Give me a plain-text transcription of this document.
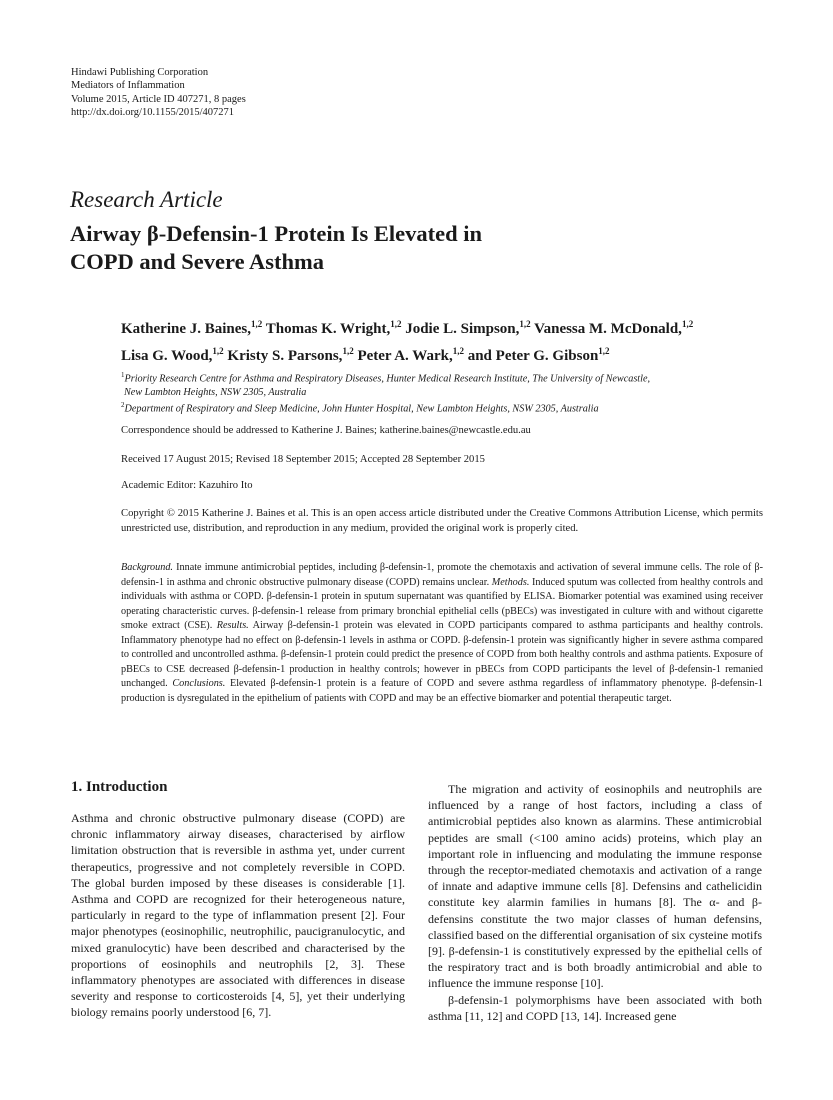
Hindawi Publishing Corporation
Mediators of Inflammation
Volume 2015, Article ID 407271, 8 pages
http://dx.doi.org/10.1155/2015/407271
Research Article
Airway β-Defensin-1 Protein Is Elevated in
COPD and Severe Asthma
Katherine J. Baines,$^{1,2}$ Thomas K. Wright,$^{1,2}$ Jodie L. Simpson,$^{1,2}$ Vanessa M. McDonald,$^{1,2}$
Lisa G. Wood,$^{1,2}$ Kristy S. Parsons,$^{1,2}$ Peter A. Wark,$^{1,2}$ and Peter G. Gibson$^{1,2}$
$^1$Priority Research Centre for Asthma and Respiratory Diseases, Hunter Medical Research Institute, The University of Newcastle,
New Lambton Heights, NSW 2305, Australia
$^2$Department of Respiratory and Sleep Medicine, John Hunter Hospital, New Lambton Heights, NSW 2305, Australia
Correspondence should be addressed to Katherine J. Baines; katherine.baines@newcastle.edu.au
Received 17 August 2015; Revised 18 September 2015; Accepted 28 September 2015
Academic Editor: Kazuhiro Ito
Copyright © 2015 Katherine J. Baines et al. This is an open access article distributed under the Creative Commons Attribution License, which permits unrestricted use, distribution, and reproduction in any medium, provided the original work is properly cited.
Background. Innate immune antimicrobial peptides, including β-defensin-1, promote the chemotaxis and activation of several immune cells. The role of β-defensin-1 in asthma and chronic obstructive pulmonary disease (COPD) remains unclear. Methods. Induced sputum was collected from healthy controls and individuals with asthma or COPD. β-defensin-1 protein in sputum supernatant was quantified by ELISA. Biomarker potential was examined using receiver operating characteristic curves. β-defensin-1 release from primary bronchial epithelial cells (pBECs) was investigated in culture with and without cigarette smoke extract (CSE). Results. Airway β-defensin-1 protein was elevated in COPD participants compared to asthma participants and healthy controls. Inflammatory phenotype had no effect on β-defensin-1 levels in asthma or COPD. β-defensin-1 protein was significantly higher in severe asthma compared to controlled and uncontrolled asthma. β-defensin-1 protein could predict the presence of COPD from both healthy controls and asthma patients. Exposure of pBECs to CSE decreased β-defensin-1 production in healthy controls; however in pBECs from COPD participants the level of β-defensin-1 remanied unchanged. Conclusions. Elevated β-defensin-1 protein is a feature of COPD and severe asthma regardless of inflammatory phenotype. β-defensin-1 production is dysregulated in the epithelium of patients with COPD and may be an effective biomarker and potential therapeutic target.
1. Introduction

Asthma and chronic obstructive pulmonary disease (COPD) are chronic inflammatory airway diseases, characterised by airflow limitation obstruction that is reversible in asthma yet, under current therapeutics, progressive and not completely reversible in COPD. The global burden imposed by these diseases is considerable [1]. Asthma and COPD are recognized for their heterogeneous nature, particularly in regard to the type of inflammation present [2]. Four major phenotypes (eosinophilic, neutrophilic, paucigranulocytic, and mixed granulocytic) have been described and characterised by the proportions of eosinophils and neutrophils [2, 3]. These inflammatory phenotypes are associated with differences in disease severity and response to corticosteroids [4, 5], yet their underlying biology remains poorly understood [6, 7].

The migration and activity of eosinophils and neutrophils are influenced by a range of host factors, including a class of antimicrobial peptides also known as alarmins. These antimicrobial peptides are small (<100 amino acids) proteins, which play an important role in influencing and modulating the immune response through the receptor-mediated chemotaxis and activation of a range of innate and adaptive immune cells [8]. Defensins and cathelicidin constitute key alarmin families in humans [8]. The α- and β-defensins constitute the two major classes of human defensins, classified based on the differential organisation of six cysteine motifs [9]. β-defensin-1 is constitutively expressed by the epithelial cells of the respiratory tract and is both broadly antimicrobial and able to influence the immune response [10].

β-defensin-1 polymorphisms have been associated with both asthma [11, 12] and COPD [13, 14]. Increased gene
